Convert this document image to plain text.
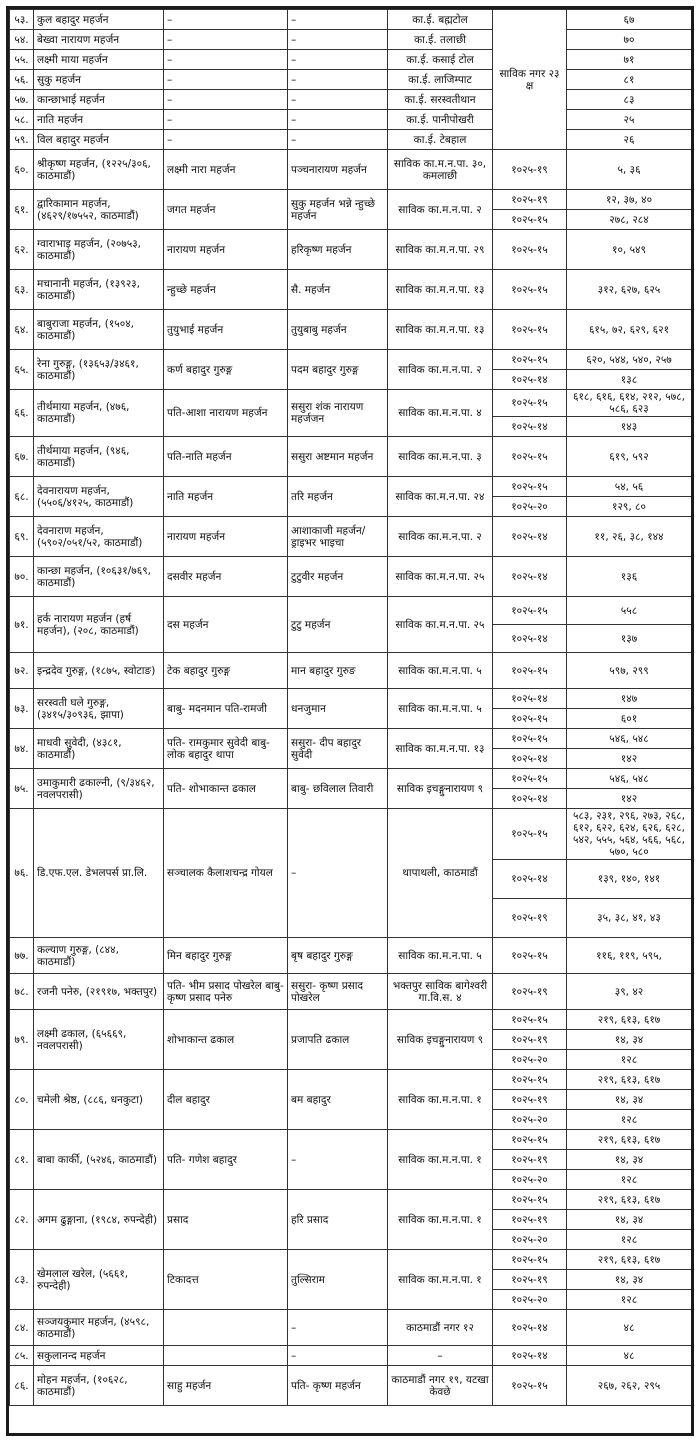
५३.	कुल बहादुर महर्जन	–	–	का.ई. बह्मटोल	साविक नगर २३ क्ष	६७
५४.	बेख्वा नारायण महर्जन	–	–	का.ई. तलाछी		७०
५५.	लक्ष्मी माया महर्जन	–	–	का.ई. कसाई टोल		७१
५६.	सुकु महर्जन	–	–	का.ई. लाजिम्पाट		८१
५७.	कान्छाभाई महर्जन	–	–	का.ई. सरस्वतीथान		८३
५८.	नाति महर्जन	–	–	का.ई. पानीपोखरी		२५
५९.	विल बहादुर महर्जन	–	–	का.ई. टेबहाल		२६
६०.	श्रीकृष्ण महर्जन, (१२२५/३०६, काठमाडौं)	लक्ष्मी नारा महर्जन	पञ्चनारायण महर्जन	साविक का.म.न.पा. ३०, कमलाछी	१०२५-१९	५, ३६
६१.	द्वारिकामान महर्जन, (४६२९/१७५५२, काठमाडौं)	जगत महर्जन	सुकु महर्जन भन्ने न्हुच्छे महर्जन	साविक का.म.न.पा. २	१०२५-१९	१२, ३७, ४०
					१०२५-१५	२७८, २८४
६२.	ग्वाराभाइ महर्जन, (२०७५३, काठमाडौं)	नारायण महर्जन	हरिकृष्ण महर्जन	साविक का.म.न.पा. २९	१०२५-१५	१०, ५४९
६३.	मचानानी महर्जन, (१३९२३, काठमाडौं)	न्हुच्छे महर्जन	सै. महर्जन	साविक का.म.न.पा. १३	१०२५-१५	३१२, ६२७, ६२५
६४.	बाबुराजा महर्जन, (१५०४, काठमाडौं)	तुयुभाई महर्जन	तुयुबाबु महर्जन	साविक का.म.न.पा. १३	१०२५-१५	६१५, ७२, ६२९, ६२१
६५.	रेना गुरुङ्ग, (१३६५३/३४६१, काठमाडौं)	कर्ण बहादुर गुरुङ्ग	पदम बहादुर गुरुङ्ग	साविक का.म.न.पा. २	१०२५-१५	६२०, ५४४, ५४०, २५७
					१०२५-१४	१३८
६६.	तीर्थमाया महर्जन, (४७६, काठमाडौं)	पति-आशा नारायण महर्जन	ससुरा शंक नारायण महर्जजन	साविक का.म.न.पा. ४	१०२५-१५	६१८, ६१६, ६१४, २१२, ५७८, ५८६, ६२३
					१०२५-१४	१४३
६७.	तीर्थमाया महर्जन, (९४६, काठमाडौं)	पति-नाति महर्जन	ससुरा अष्टमान महर्जन	साविक का.म.न.पा. ३	१०२५-१५	६१९, ५९२
६८.	देवनारायण महर्जन, (५५०६/४१२५, काठमाडौं)	नाति महर्जन	तरि महर्जन	साविक का.म.न.पा. २४	१०२५-१५	५४, ५६
					१०२५-२०	१२९, ८०
६९.	देवनाराण महर्जन, (५९०२/०५१/५२, काठमाडौं)	नारायण महर्जन	आशाकाजी महर्जन/ड्राइभर भाइचा	साविक का.म.न.पा. २	१०२५-१४	११, २६, ३८, १४४
७०.	कान्छा महर्जन, (१०६३१/७६९, काठमाडौं)	दसवीर महर्जन	टुटुवीर महर्जन	साविक का.म.न.पा. २५	१०२५-१४	१३६
७१.	हर्क नारायण महर्जन (हर्ष महर्जन), (२०८, काठमाडौं)	दस महर्जन	टुटु महर्जन	साविक का.म.न.पा. २५	१०२५-१५	५५८
					१०२५-१४	१३७
७२.	इन्द्रदेव गुरुङ्ग, (१८७५, स्वोटाङ)	टेक बहादुर गुरुङ्ग	मान बहादुर गुरुङ	साविक का.म.न.पा. ५	१०२५-१५	५९७, २९९
७३.	सरस्वती घले गुरुङ्ग, (३४१५/३०९३६, झापा)	बाबु- मदनमान पति-रामजी	धनजुमान	साविक का.म.न.पा. ५	१०२५-१४	१४७
					१०२५-१५	६०१
७४.	माधवी सुवेदी, (४३८१, काठमाडौं)	पति- रामकुमार सुवेदी बाबु- लोक बहादुर थापा	ससुरा- दीप बहादुर सुवेदी	साविक का.म.न.पा. १३	१०२५-१५	५४६, ५४८
					१०२५-१४	१४२
७५.	उमाकुमारी ढकाल्नी, (९/३४६२, नवलपरासी)	पति- शोभाकान्त ढकाल	बाबु- छविलाल तिवारी	साविक इचङ्गुनारायण ९	१०२५-१५	५४६, ५४८
					१०२५-१४	१४२
७६.	डि.एफ.एल. डेभलपर्स प्रा.लि.	सञ्चालक कैलाशचन्द्र गोयल	–	थापाथली, काठमाडौं	१०२५-१५	५८३, २३१, २९६, २७३, २६८, ६१२, ६२२, ६२४, ६२६, ६२८, ५४२, ५५५, ५६४, ५६६, ५६८, ५७०, ५८०
					१०२५-१४	१३९, १४०, १४१
					१०२५-१९	३५, ३८, ४१, ४३
७७.	कल्याण गुरुङ्ग, (८४४, काठमाडौं)	मिन बहादुर गुरुङ्ग	बृष बहादुर गुरुङ्ग	साविक का.म.न.पा. ५	१०२५-१५	११६, ११९, ५९५,
७८.	रजनी पनेरु, (२१९१७, भक्तपुर)	पति- भीम प्रसाद पोखरेल बाबु- कृष्ण प्रसाद पनेरु	ससुरा- कृष्ण प्रसाद पोखरेल	भक्तपुर साविक बागेश्वरी गा.वि.स. ४	१०२५-१९	३९, ४२
७९.	लक्ष्मी ढकाल, (६५६६९, नवलपरासी)	शोभाकान्त ढकाल	प्रजापति ढकाल	साविक इचङ्गुनारायण ९	१०२५-१५	२१९, ६१३, ६१७
					१०२५-१९	१४, ३४
					१०२५-२०	१२८
८०.	चमेली श्रेष्ठ, (८८६, धनकुटा)	दील बहादुर	बम बहादुर	साविक का.म.न.पा. १	१०२५-१५	२१९, ६१३, ६१७
					१०२५-१९	१४, ३४
					१०२५-२०	१२८
८१.	बाबा कार्की, (५२४६, काठमाडौं)	पति- गणेश बहादुर	–	साविक का.म.न.पा. १	१०२५-१५	२१९, ६१३, ६१७
					१०२५-१९	१४, ३४
					१०२५-२०	१२८
८२.	अगम ढुङ्गाना, (१९८४, रुपन्देही)	प्रसाद	हरि प्रसाद	साविक का.म.न.पा. १	१०२५-१५	२१९, ६१३, ६१७
					१०२५-१९	१४, ३४
					१०२५-२०	१२८
८३.	खेमलाल खरेल, (५६६१, रुपन्देही)	टिकादत्त	तुल्सिराम	साविक का.म.न.पा. १	१०२५-१५	२१९, ६१३, ६१७
					१०२५-१९	१४, ३४
					१०२५-२०	१२८
८४.	सञ्जयकुमार महर्जन, (४५९८, काठमाडौं)		–	काठमाडौं नगर १२	१०२५-१४	४८
८५.	सकुलानन्द महर्जन		–	–	१०२५-१४	४८
८६.	मोहन महर्जन, (१०६२८, काठमाडौं)	साहु महर्जन	पति- कृष्ण महर्जन	काठमाडौं नगर १९, यटखा केवछे	१०२५-१५	२६७, २६२, २९५
